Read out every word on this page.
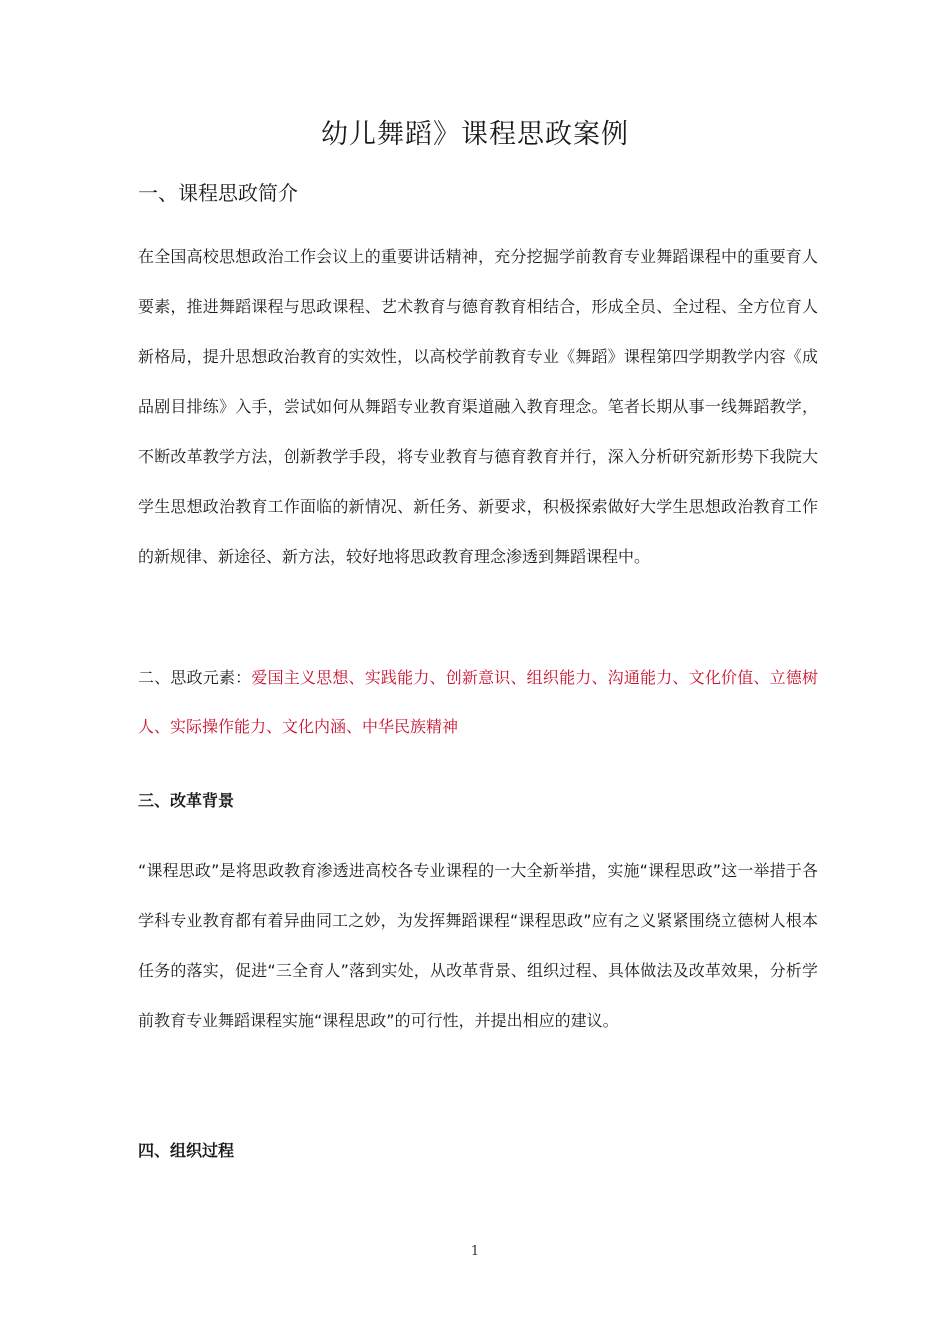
幼儿舞蹈》课程思政案例
一、课程思政简介

在全国高校思想政治工作会议上的重要讲话精神，充分挖掘学前教育专业舞蹈课程中的重要育人要素，推进舞蹈课程与思政课程、艺术教育与德育教育相结合，形成全员、全过程、全方位育人新格局，提升思想政治教育的实效性，以高校学前教育专业《舞蹈》课程第四学期教学内容《成品剧目排练》入手，尝试如何从舞蹈专业教育渠道融入教育理念。笔者长期从事一线舞蹈教学，不断改革教学方法，创新教学手段，将专业教育与德育教育并行，深入分析研究新形势下我院大学生思想政治教育工作面临的新情况、新任务、新要求，积极探索做好大学生思想政治教育工作的新规律、新途径、新方法，较好地将思政教育理念渗透到舞蹈课程中。

二、思政元素：爱国主义思想、实践能力、创新意识、组织能力、沟通能力、文化价值、立德树人、实际操作能力、文化内涵、中华民族精神

三、改革背景

“课程思政”是将思政教育渗透进高校各专业课程的一大全新举措，实施“课程思政”这一举措于各学科专业教育都有着异曲同工之妙，为发挥舞蹈课程“课程思政”应有之义紧紧围绕立德树人根本任务的落实，促进“三全育人”落到实处，从改革背景、组织过程、具体做法及改革效果，分析学前教育专业舞蹈课程实施“课程思政”的可行性，并提出相应的建议。

四、组织过程
1
